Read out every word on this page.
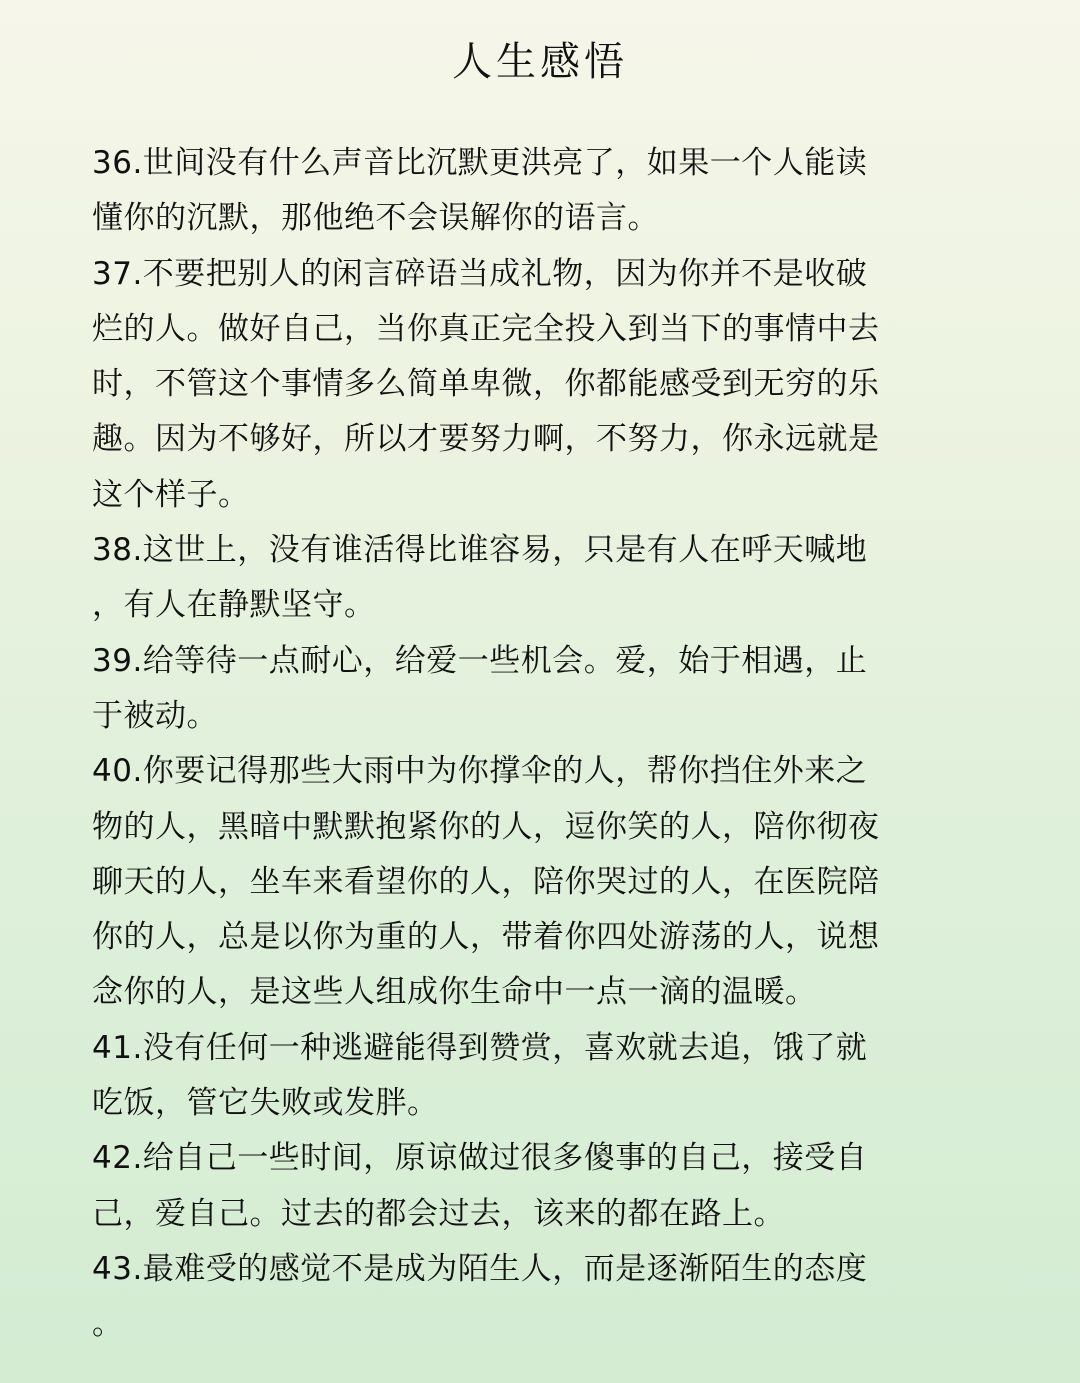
人生感悟
36.世间没有什么声音比沉默更洪亮了，如果一个人能读
懂你的沉默，那他绝不会误解你的语言。
37.不要把别人的闲言碎语当成礼物，因为你并不是收破
烂的人。做好自己，当你真正完全投入到当下的事情中去
时，不管这个事情多么简单卑微，你都能感受到无穷的乐
趣。因为不够好，所以才要努力啊，不努力，你永远就是
这个样子。
38.这世上，没有谁活得比谁容易，只是有人在呼天喊地
，有人在静默坚守。
39.给等待一点耐心，给爱一些机会。爱，始于相遇，止
于被动。
40.你要记得那些大雨中为你撑伞的人，帮你挡住外来之
物的人，黑暗中默默抱紧你的人，逗你笑的人，陪你彻夜
聊天的人，坐车来看望你的人，陪你哭过的人，在医院陪
你的人，总是以你为重的人，带着你四处游荡的人，说想
念你的人，是这些人组成你生命中一点一滴的温暖。
41.没有任何一种逃避能得到赞赏，喜欢就去追，饿了就
吃饭，管它失败或发胖。
42.给自己一些时间，原谅做过很多傻事的自己，接受自
己，爱自己。过去的都会过去，该来的都在路上。
43.最难受的感觉不是成为陌生人，而是逐渐陌生的态度
。
